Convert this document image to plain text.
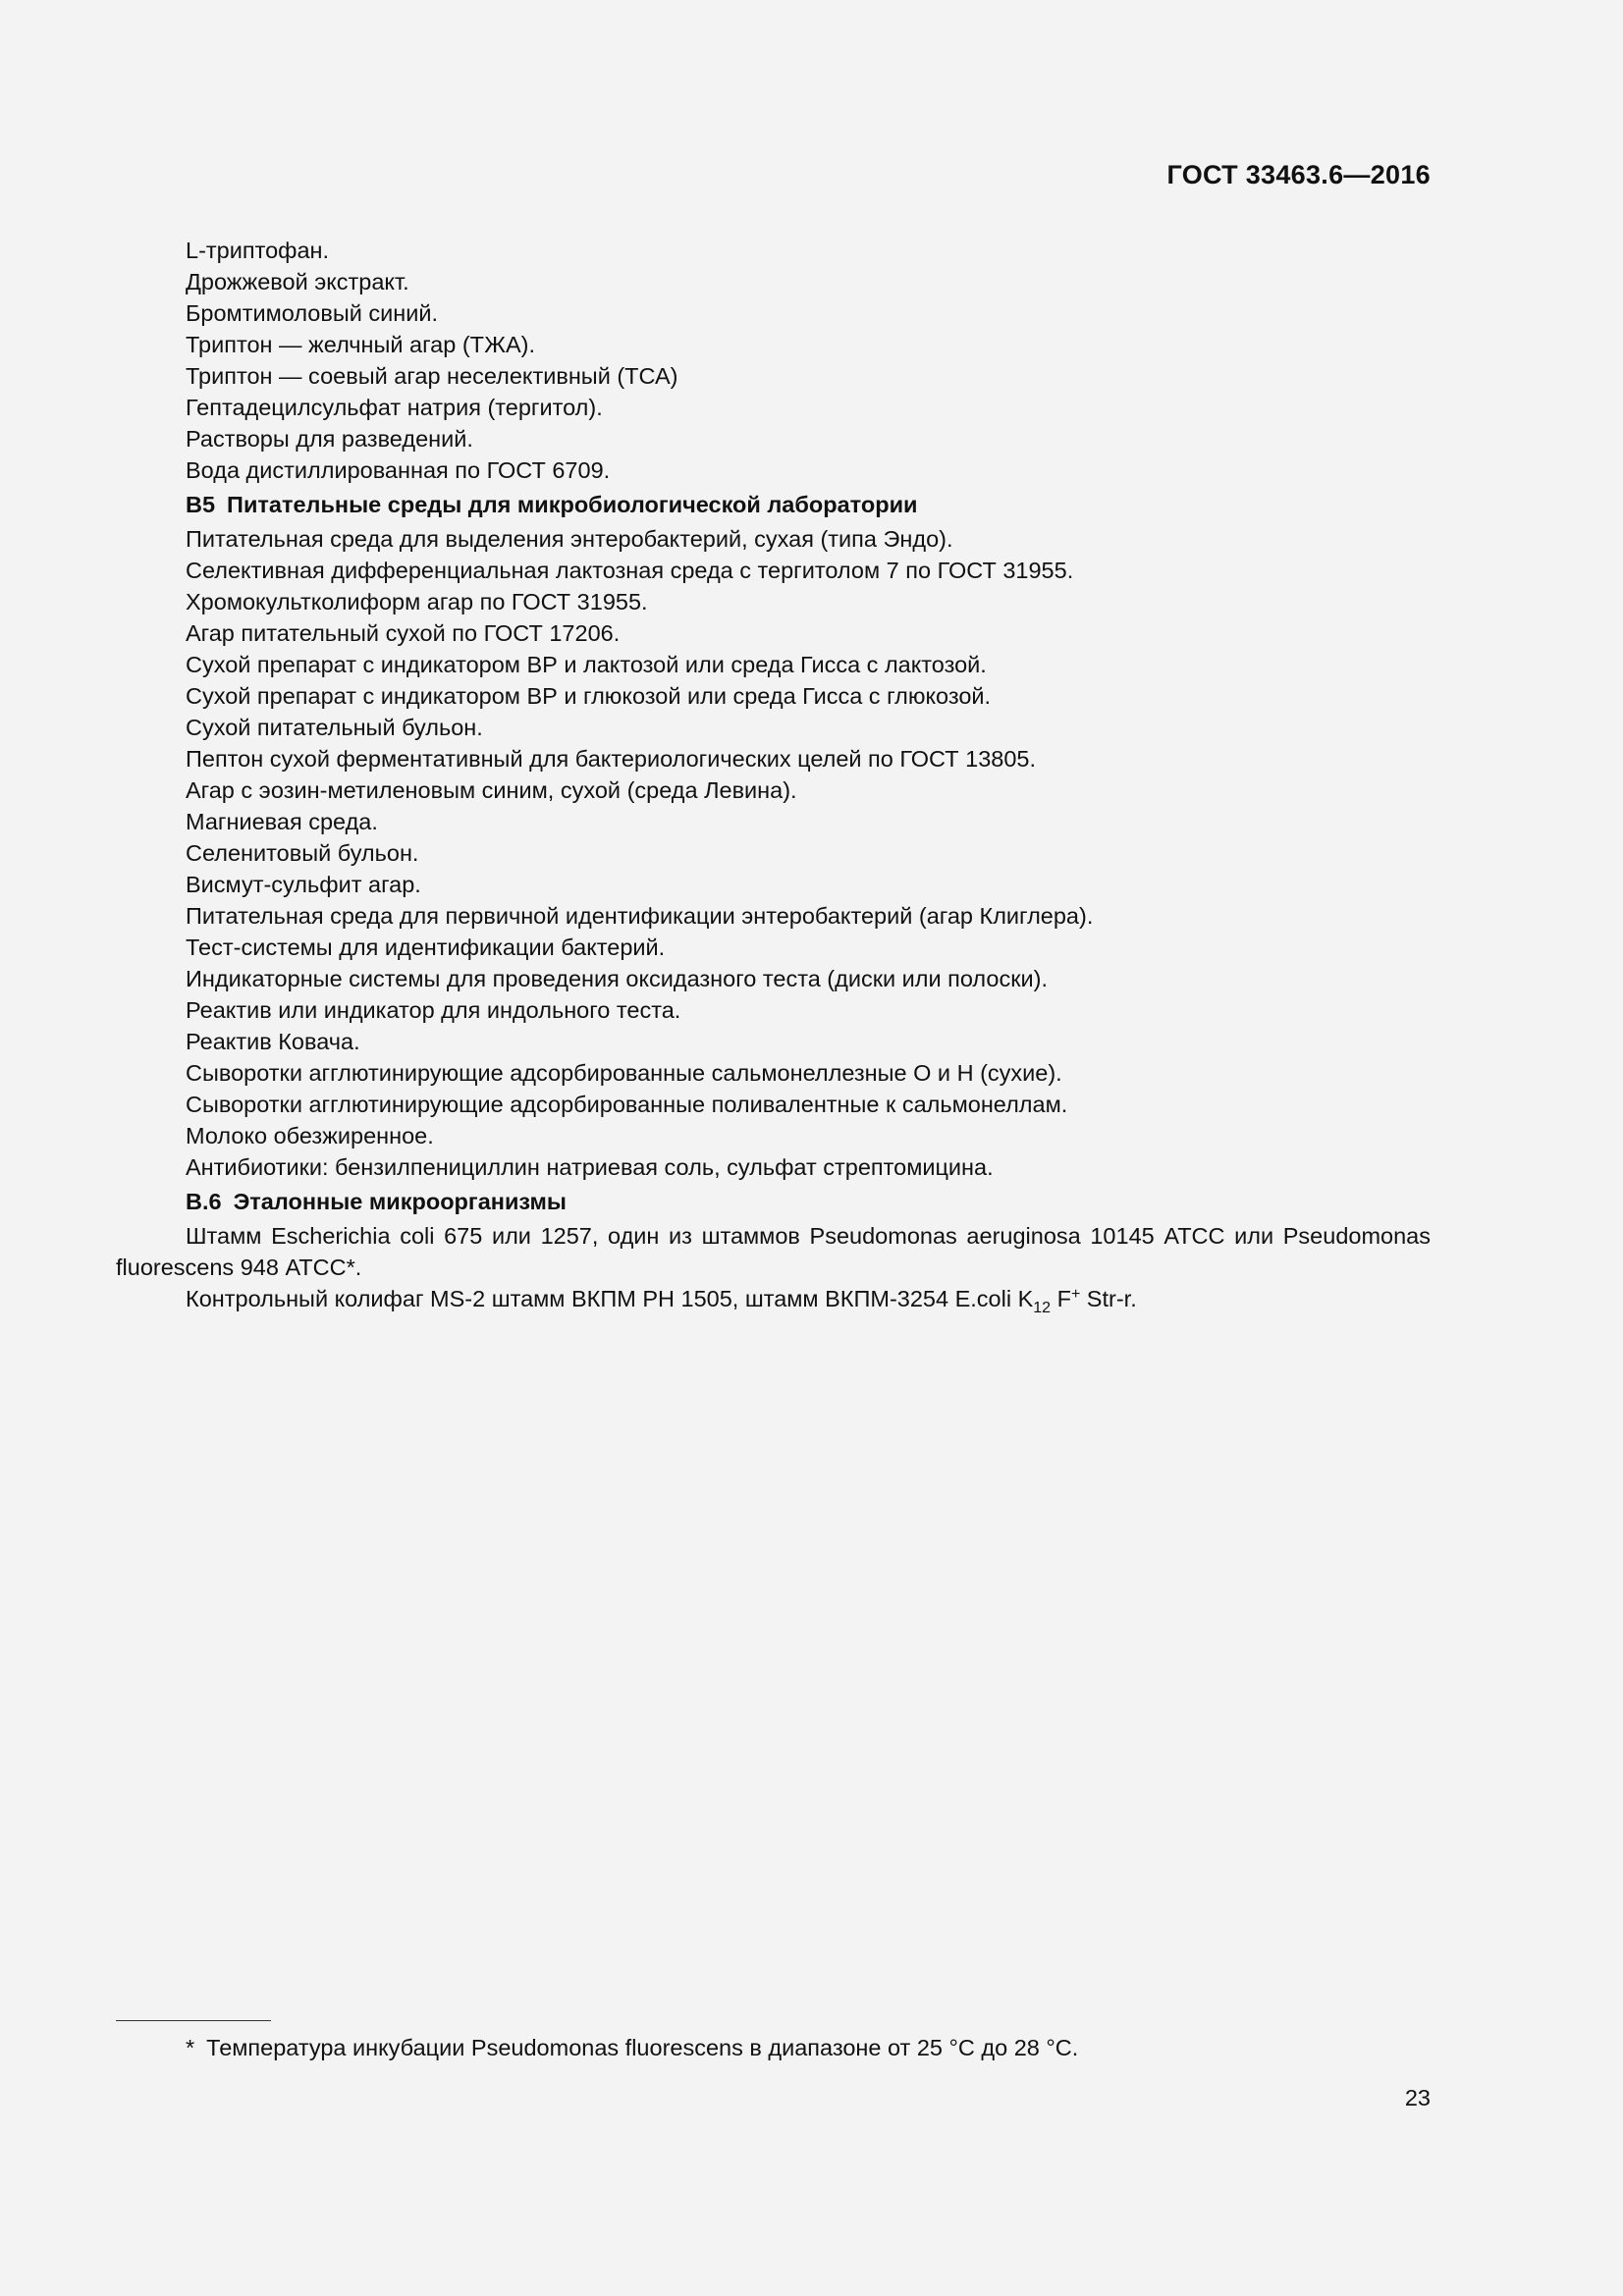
ГОСТ 33463.6—2016
L-триптофан.
Дрожжевой экстракт.
Бромтимоловый синий.
Триптон — желчный агар (ТЖА).
Триптон — соевый агар неселективный (ТСА)
Гептадецилсульфат натрия (тергитол).
Растворы для разведений.
Вода дистиллированная по ГОСТ 6709.
В5 Питательные среды для микробиологической лаборатории
Питательная среда для выделения энтеробактерий, сухая (типа Эндо).
Селективная дифференциальная лактозная среда с тергитолом 7 по ГОСТ 31955.
Хромокультколиформ агар по ГОСТ 31955.
Агар питательный сухой по ГОСТ 17206.
Сухой препарат с индикатором ВР и лактозой или среда Гисса с лактозой.
Сухой препарат с индикатором ВР и глюкозой или среда Гисса с глюкозой.
Сухой питательный бульон.
Пептон сухой ферментативный для бактериологических целей по ГОСТ 13805.
Агар с эозин-метиленовым синим, сухой (среда Левина).
Магниевая среда.
Селенитовый бульон.
Висмут-сульфит агар.
Питательная среда для первичной идентификации энтеробактерий (агар Клиглера).
Тест-системы для идентификации бактерий.
Индикаторные системы для проведения оксидазного теста (диски или полоски).
Реактив или индикатор для индольного теста.
Реактив Ковача.
Сыворотки агглютинирующие адсорбированные сальмонеллезные О и Н (сухие).
Сыворотки агглютинирующие адсорбированные поливалентные к сальмонеллам.
Молоко обезжиренное.
Антибиотики: бензилпенициллин натриевая соль, сульфат стрептомицина.
В.6 Эталонные микроорганизмы
Штамм Escherichia coli 675 или 1257, один из штаммов Pseudomonas aeruginosa 10145 АТСС или Pseudomonas
fluorescens 948 АТСС*.
Контрольный колифаг MS-2 штамм ВКПМ РН 1505, штамм ВКПМ-3254 E.coli $K_{12}$ F+ Str-r.
* Температура инкубации Pseudomonas fluorescens в диапазоне от 25 °С до 28 °С.
23
